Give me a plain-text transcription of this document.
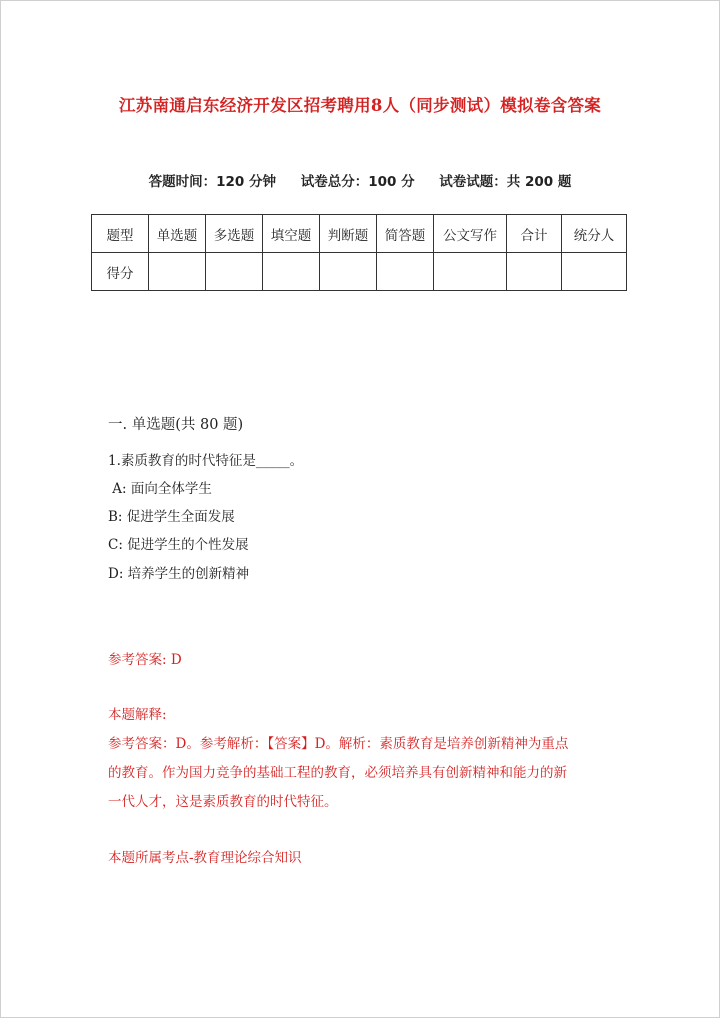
江苏南通启东经济开发区招考聘用8人（同步测试）模拟卷含答案
答题时间：120 分钟 试卷总分：100 分 试卷试题：共 200 题
题型	单选题	多选题	填空题	判断题	简答题	公文写作	合计	统分人
得分								
一. 单选题(共 80 题)
1.素质教育的时代特征是_____。
A: 面向全体学生
B: 促进学生全面发展
C: 促进学生的个性发展
D: 培养学生的创新精神
参考答案: D
本题解释:
参考答案：D。参考解析：【答案】D。解析：素质教育是培养创新精神为重点
的教育。作为国力竞争的基础工程的教育，必须培养具有创新精神和能力的新
一代人才，这是素质教育的时代特征。
本题所属考点-教育理论综合知识
